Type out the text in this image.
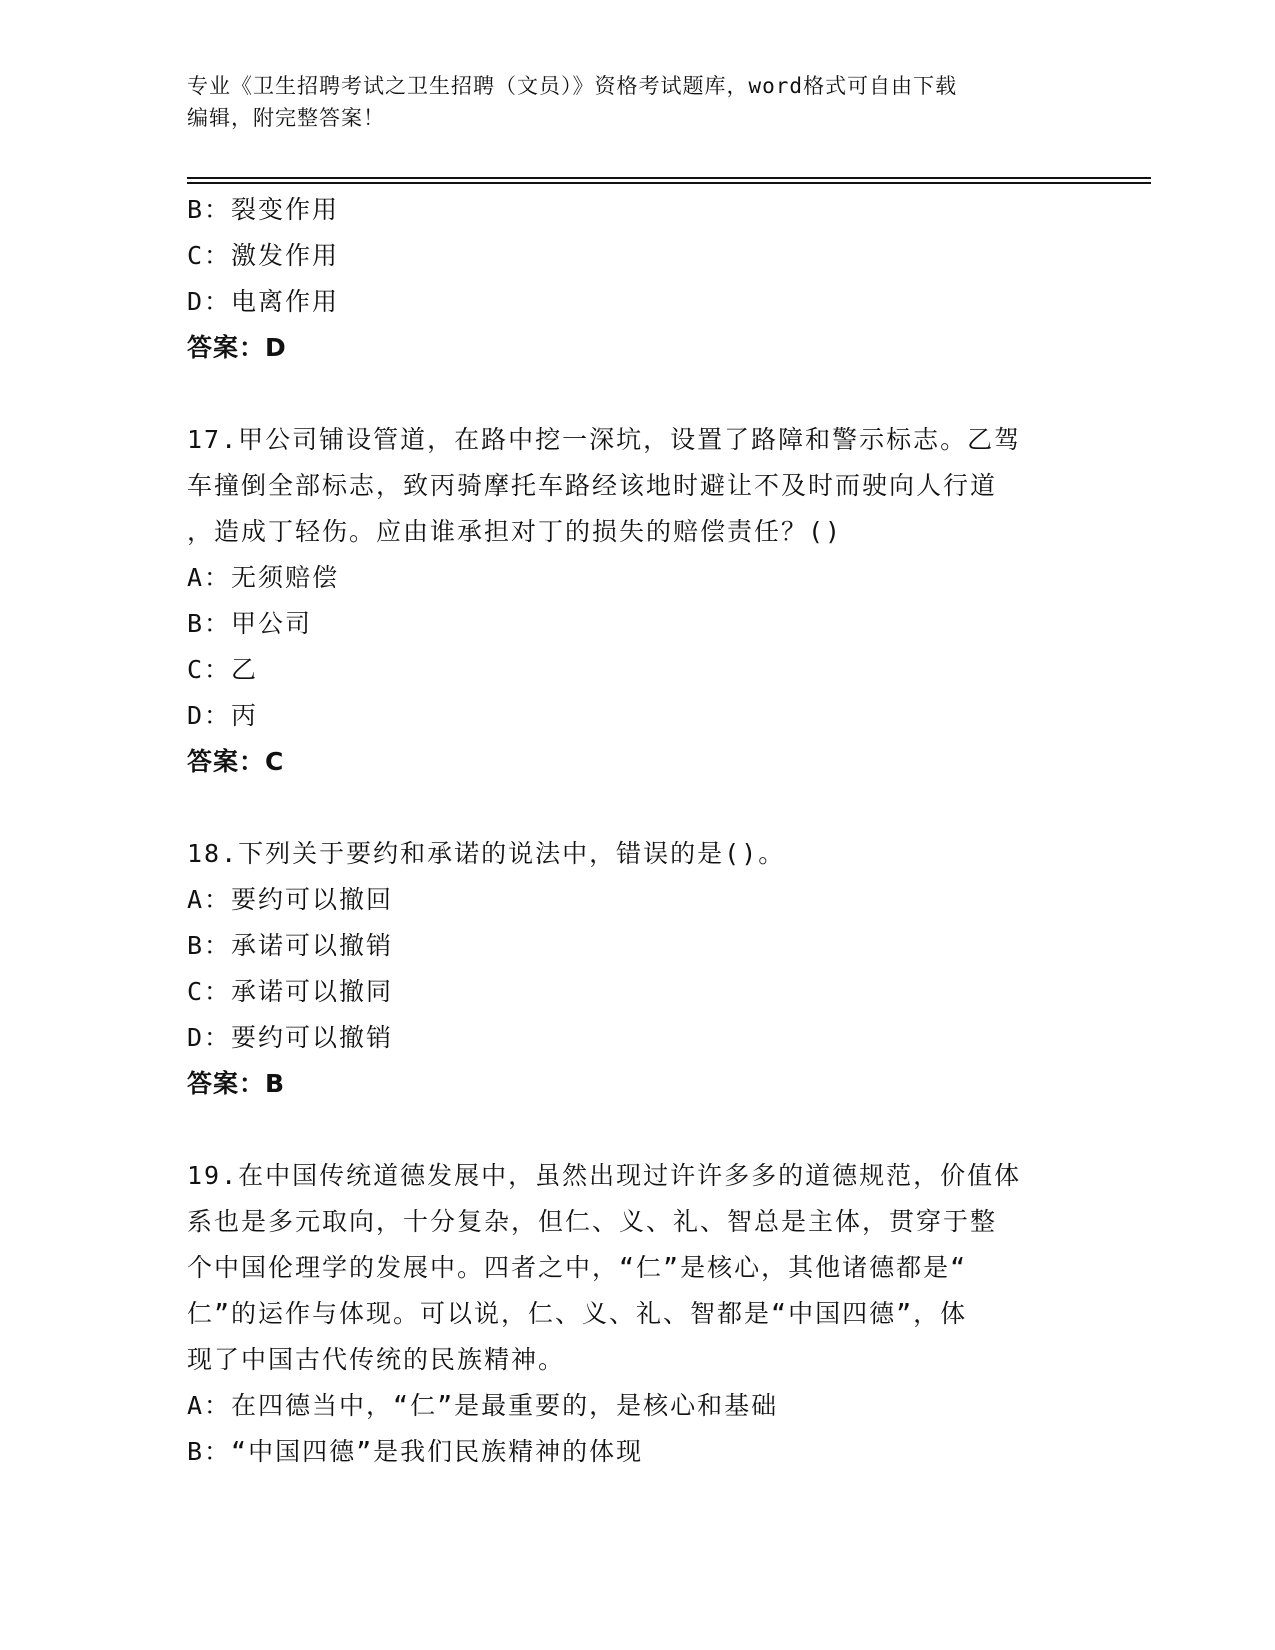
专业《卫生招聘考试之卫生招聘（文员）》资格考试题库，word格式可自由下载
编辑，附完整答案！
B：裂变作用
C：激发作用
D：电离作用
答案：D
17.甲公司铺设管道，在路中挖一深坑，设置了路障和警示标志。乙驾
车撞倒全部标志，致丙骑摩托车路经该地时避让不及时而驶向人行道
，造成丁轻伤。应由谁承担对丁的损失的赔偿责任？()
A：无须赔偿
B：甲公司
C：乙
D：丙
答案：C
18.下列关于要约和承诺的说法中，错误的是()。
A：要约可以撤回
B：承诺可以撤销
C：承诺可以撤同
D：要约可以撤销
答案：B
19.在中国传统道德发展中，虽然出现过许许多多的道德规范，价值体
系也是多元取向，十分复杂，但仁、义、礼、智总是主体，贯穿于整
个中国伦理学的发展中。四者之中，“仁”是核心，其他诸德都是“
仁”的运作与体现。可以说，仁、义、礼、智都是“中国四德”，体
现了中国古代传统的民族精神。
A：在四德当中，“仁”是最重要的，是核心和基础
B：“中国四德”是我们民族精神的体现
